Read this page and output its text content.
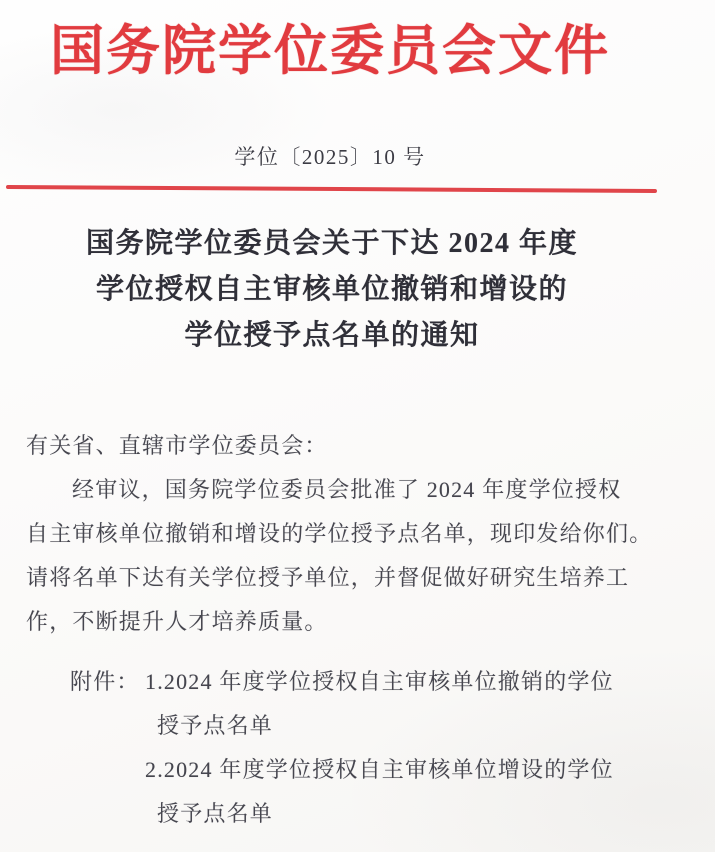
国务院学位委员会文件
学位〔2025〕10 号
国务院学位委员会关于下达 2024 年度
学位授权自主审核单位撤销和增设的
学位授予点名单的通知
有关省、直辖市学位委员会：
经审议，国务院学位委员会批准了 2024 年度学位授权
自主审核单位撤销和增设的学位授予点名单，现印发给你们。
请将名单下达有关学位授予单位，并督促做好研究生培养工
作，不断提升人才培养质量。
附件： 1.2024 年度学位授权自主审核单位撤销的学位
授予点名单
2.2024 年度学位授权自主审核单位增设的学位
授予点名单
